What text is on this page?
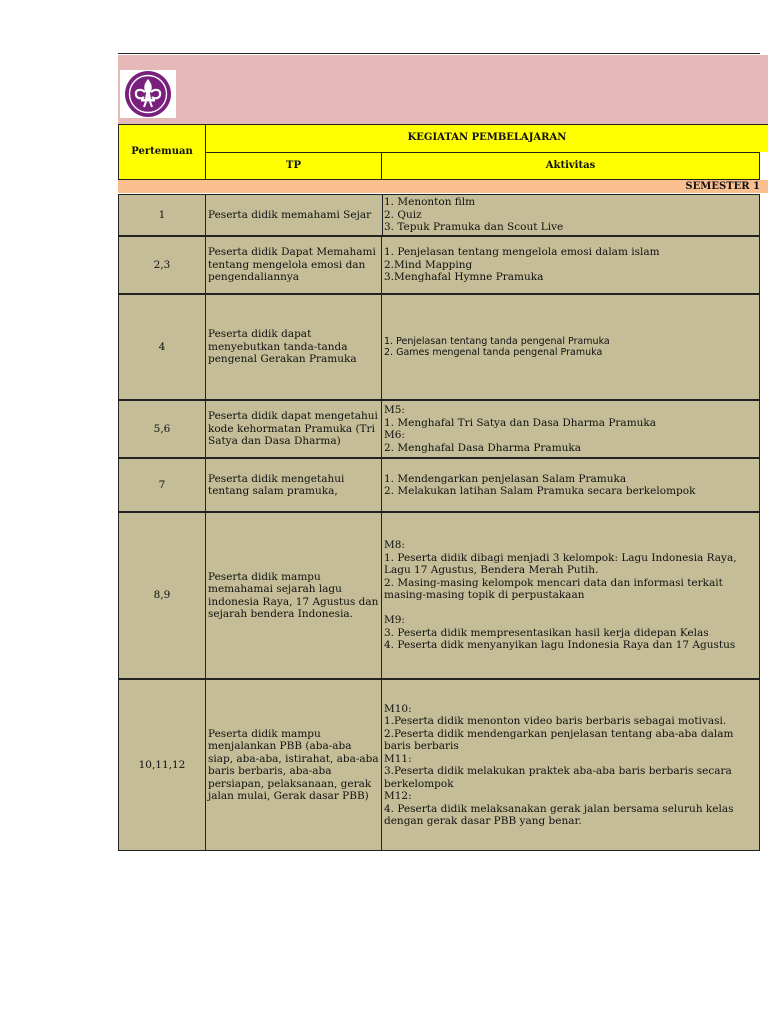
Pertemuan
KEGIATAN PEMBELAJARAN
TP	Aktivitas
SEMESTER 1
1	Peserta didik memahami Sejar
1. Menonton film
2. Quiz
3. Tepuk Pramuka dan Scout Live
2,3
Peserta didik Dapat Memahami tentang mengelola emosi dan pengendaliannya
1. Penjelasan tentang mengelola emosi dalam islam
2.Mind Mapping
3.Menghafal Hymne Pramuka
4
Peserta didik dapat menyebutkan tanda-tanda pengenal Gerakan Pramuka
1. Penjelasan tentang tanda pengenal Pramuka
2. Games mengenal tanda pengenal Pramuka
5,6
Peserta didik dapat mengetahui kode kehormatan Pramuka (Tri Satya dan Dasa Dharma)
M5:
1. Menghafal Tri Satya dan Dasa Dharma Pramuka
M6:
2. Menghafal Dasa Dharma Pramuka
7
Peserta didik mengetahui tentang salam pramuka,
1. Mendengarkan penjelasan Salam Pramuka
2. Melakukan latihan Salam Pramuka secara berkelompok
8,9
Peserta didik mampu memahamai sejarah lagu indonesia Raya, 17 Agustus dan sejarah bendera Indonesia.
M8:
1. Peserta didik dibagi menjadi 3 kelompok: Lagu Indonesia Raya, Lagu 17 Agustus, Bendera Merah Putih.
2. Masing-masing kelompok mencari data dan informasi terkait masing-masing topik di perpustakaan

M9:
3. Peserta didik mempresentasikan hasil kerja didepan Kelas
4. Peserta didk menyanyikan lagu Indonesia Raya dan 17 Agustus
10,11,12
Peserta didik mampu menjalankan PBB (aba-aba siap, aba-aba, istirahat, aba-aba baris berbaris, aba-aba persiapan, pelaksanaan, gerak jalan mulai, Gerak dasar PBB)
M10:
1.Peserta didik menonton video baris berbaris sebagai motivasi.
2.Peserta didik mendengarkan penjelasan tentang aba-aba dalam baris berbaris
M11:
3.Peserta didik melakukan praktek aba-aba baris berbaris secara berkelompok
M12:
4. Peserta didik melaksanakan gerak jalan bersama seluruh kelas dengan gerak dasar PBB yang benar.
